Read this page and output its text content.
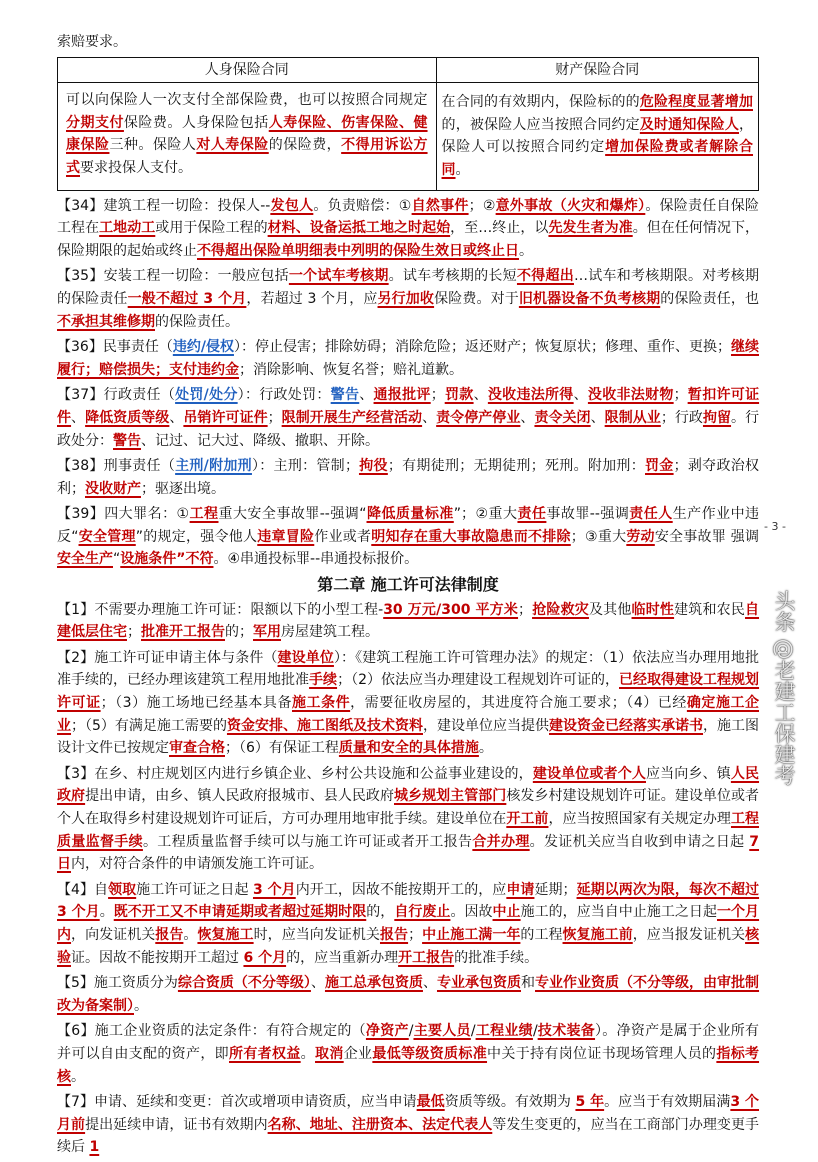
索赔要求。
人身保险合同	财产保险合同
可以向保险人一次支付全部保险费，也可以按照合同规定分期支付保险费。人身保险包括人寿保险、伤害保险、健康保险三种。保险人对人寿保险的保险费，不得用诉讼方式要求投保人支付。	在合同的有效期内，保险标的的危险程度显著增加的，被保险人应当按照合同约定及时通知保险人，保险人可以按照合同约定增加保险费或者解除合同。
【34】建筑工程一切险：投保人--发包人。负责赔偿：①自然事件；②意外事故（火灾和爆炸）。保险责任自保险工程在工地动工或用于保险工程的材料、设备运抵工地之时起始，至…终止，以先发生者为准。但在任何情况下，保险期限的起始或终止不得超出保险单明细表中列明的保险生效日或终止日。
【35】安装工程一切险：一般应包括一个试车考核期。试车考核期的长短不得超出…试车和考核期限。对考核期的保险责任一般不超过 3 个月，若超过 3 个月，应另行加收保险费。对于旧机器设备不负考核期的保险责任，也不承担其维修期的保险责任。
【36】民事责任（违约/侵权）：停止侵害；排除妨碍；消除危险；返还财产；恢复原状；修理、重作、更换；继续履行；赔偿损失；支付违约金；消除影响、恢复名誉；赔礼道歉。
【37】行政责任（处罚/处分）：行政处罚：警告、通报批评；罚款、没收违法所得、没收非法财物；暂扣许可证件、降低资质等级、吊销许可证件；限制开展生产经营活动、责令停产停业、责令关闭、限制从业；行政拘留。行政处分：警告、记过、记大过、降级、撤职、开除。
【38】刑事责任（主刑/附加刑）：主刑：管制；拘役；有期徒刑；无期徒刑；死刑。附加刑：罚金；剥夺政治权利；没收财产；驱逐出境。
【39】四大罪名：①工程重大安全事故罪--强调“降低质量标准”；②重大责任事故罪--强调责任人生产作业中违反“安全管理”的规定，强令他人违章冒险作业或者明知存在重大事故隐患而不排除；③重大劳动安全事故罪 强调安全生产“设施条件”不符。④串通投标罪--串通投标报价。
第二章 施工许可法律制度
【1】不需要办理施工许可证：限额以下的小型工程-30 万元/300 平方米；抢险救灾及其他临时性建筑和农民自建低层住宅；批准开工报告的；军用房屋建筑工程。
【2】施工许可证申请主体与条件（建设单位）：《建筑工程施工许可管理办法》的规定：（1）依法应当办理用地批准手续的，已经办理该建筑工程用地批准手续；（2）依法应当办理建设工程规划许可证的，已经取得建设工程规划许可证；（3）施工场地已经基本具备施工条件，需要征收房屋的，其进度符合施工要求；（4）已经确定施工企业；（5）有满足施工需要的资金安排、施工图纸及技术资料，建设单位应当提供建设资金已经落实承诺书，施工图设计文件已按规定审查合格；（6）有保证工程质量和安全的具体措施。
【3】在乡、村庄规划区内进行乡镇企业、乡村公共设施和公益事业建设的，建设单位或者个人应当向乡、镇人民政府提出申请，由乡、镇人民政府报城市、县人民政府城乡规划主管部门核发乡村建设规划许可证。建设单位或者个人在取得乡村建设规划许可证后，方可办理用地审批手续。建设单位在开工前，应当按照国家有关规定办理工程质量监督手续。工程质量监督手续可以与施工许可证或者开工报告合并办理。发证机关应当自收到申请之日起 7 日内，对符合条件的申请颁发施工许可证。
【4】自领取施工许可证之日起 3 个月内开工，因故不能按期开工的，应申请延期；延期以两次为限，每次不超过 3 个月。既不开工又不申请延期或者超过延期时限的，自行废止。因故中止施工的，应当自中止施工之日起一个月内，向发证机关报告。恢复施工时，应当向发证机关报告；中止施工满一年的工程恢复施工前，应当报发证机关核验证。因故不能按期开工超过 6 个月的，应当重新办理开工报告的批准手续。
【5】施工资质分为综合资质（不分等级）、施工总承包资质、专业承包资质和专业作业资质（不分等级，由审批制改为备案制）。
【6】施工企业资质的法定条件：有符合规定的（净资产/主要人员/工程业绩/技术装备）。净资产是属于企业所有并可以自由支配的资产，即所有者权益。取消企业最低等级资质标准中关于持有岗位证书现场管理人员的指标考核。
【7】申请、延续和变更：首次或增项申请资质，应当申请最低资质等级。有效期为 5 年。应当于有效期届满3 个月前提出延续申请，证书有效期内名称、地址、注册资本、法定代表人等发生变更的，应当在工商部门办理变更手续后 1
- 3 -
头条 @老建工保建考
